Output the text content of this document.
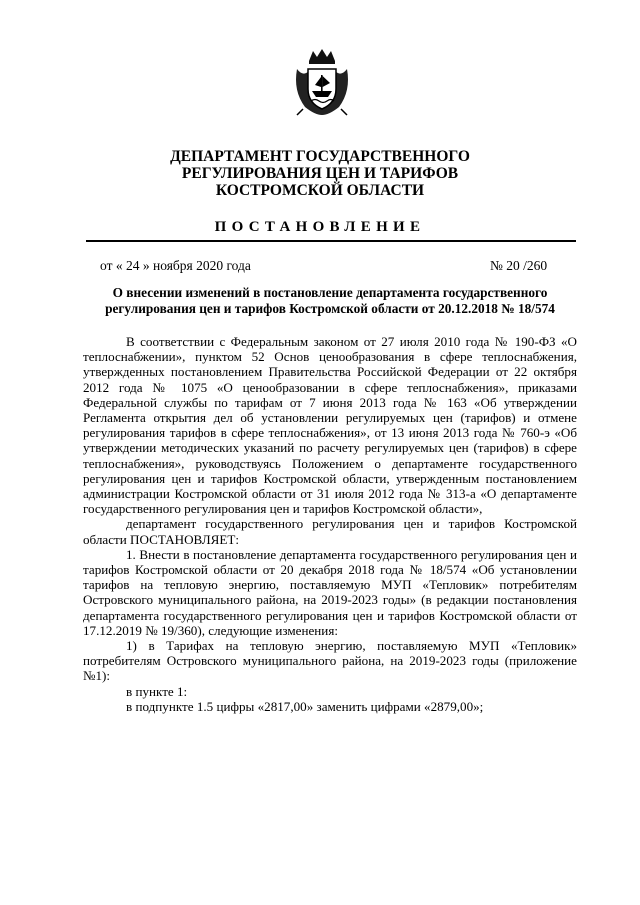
ДЕПАРТАМЕНТ ГОСУДАРСТВЕННОГО
РЕГУЛИРОВАНИЯ ЦЕН И ТАРИФОВ
КОСТРОМСКОЙ ОБЛАСТИ
ПОСТАНОВЛЕНИЕ
от « 24 » ноября 2020 года	№ 20 /260
О внесении изменений в постановление департамента государственного
регулирования цен и тарифов Костромской области от 20.12.2018 № 18/574

В соответствии с Федеральным законом от 27 июля 2010 года № 190-ФЗ «О теплоснабжении», пунктом 52 Основ ценообразования в сфере теплоснабжения, утвержденных постановлением Правительства Российской Федерации от 22 октября 2012 года № 1075 «О ценообразовании в сфере теплоснабжения», приказами Федеральной службы по тарифам от 7 июня 2013 года № 163 «Об утверждении Регламента открытия дел об установлении регулируемых цен (тарифов) и отмене регулирования тарифов в сфере теплоснабжения», от 13 июня 2013 года № 760-э «Об утверждении методических указаний по расчету регулируемых цен (тарифов) в сфере теплоснабжения», руководствуясь Положением о департаменте государственного регулирования цен и тарифов Костромской области, утвержденным постановлением администрации Костромской области от 31 июля 2012 года № 313-а «О департаменте государственного регулирования цен и тарифов Костромской области»,

департамент государственного регулирования цен и тарифов Костромской области ПОСТАНОВЛЯЕТ:

1. Внести в постановление департамента государственного регулирования цен и тарифов Костромской области от 20 декабря 2018 года № 18/574 «Об установлении тарифов на тепловую энергию, поставляемую МУП «Тепловик» потребителям Островского муниципального района, на 2019-2023 годы» (в редакции постановления департамента государственного регулирования цен и тарифов Костромской области от 17.12.2019 № 19/360), следующие изменения:

1) в Тарифах на тепловую энергию, поставляемую МУП «Тепловик» потребителям Островского муниципального района, на 2019-2023 годы (приложение №1):

в пункте 1:

в подпункте 1.5 цифры «2817,00» заменить цифрами «2879,00»;
